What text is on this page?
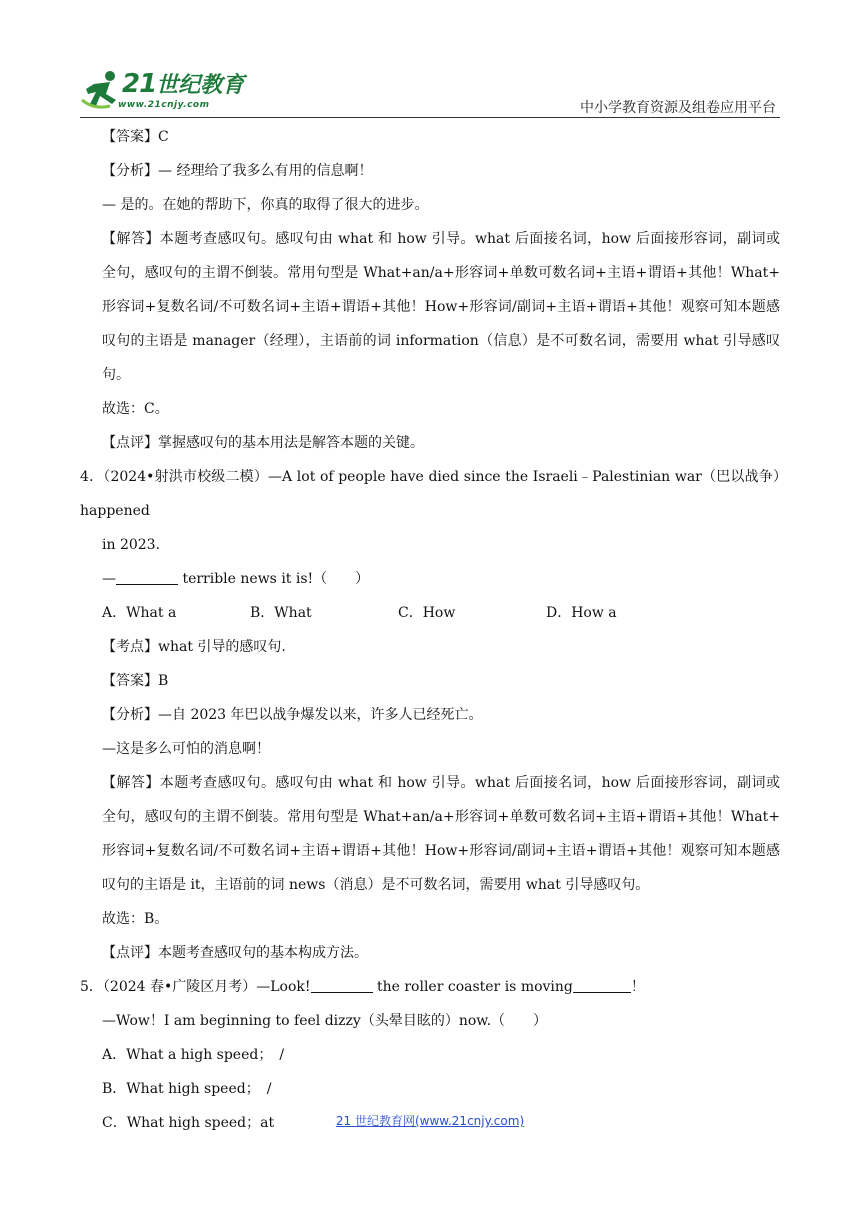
21世纪教育
www.21cnjy.com	中小学教育资源及组卷应用平台

【答案】C

【分析】— 经理给了我多么有用的信息啊！

— 是的。在她的帮助下，你真的取得了很大的进步。

【解答】本题考查感叹句。感叹句由 what 和 how 引导。what 后面接名词，how 后面接形容词，副词或

全句，感叹句的主谓不倒装。常用句型是 What+an/a+形容词+单数可数名词+主语+谓语+其他！What+

形容词+复数名词/不可数名词+主语+谓语+其他！How+形容词/副词+主语+谓语+其他！观察可知本题感

叹句的主语是 manager（经理），主语前的词 information（信息）是不可数名词，需要用 what 引导感叹

句。

故选：C。

【点评】掌握感叹句的基本用法是解答本题的关键。

4．（2024•射洪市校级二模）—A lot of people have died since the Israeli﹣Palestinian war（巴以战争）happened

in 2023.

—	terrible news it is!（　　）

A．What a	B．What	C．How	D．How a

【考点】what 引导的感叹句.

【答案】B

【分析】—自 2023 年巴以战争爆发以来，许多人已经死亡。

—这是多么可怕的消息啊！

【解答】本题考查感叹句。感叹句由 what 和 how 引导。what 后面接名词，how 后面接形容词，副词或

全句，感叹句的主谓不倒装。常用句型是 What+an/a+形容词+单数可数名词+主语+谓语+其他！What+

形容词+复数名词/不可数名词+主语+谓语+其他！How+形容词/副词+主语+谓语+其他！观察可知本题感

叹句的主语是 it，主语前的词 news（消息）是不可数名词，需要用 what 引导感叹句。

故选：B。

【点评】本题考查感叹句的基本构成方法。

5．（2024 春•广陵区月考）—Look!	the roller coaster is moving	！

—Wow！I am beginning to feel dizzy（头晕目眩的）now.（　　）

A．What a high speed；　/

B．What high speed；　/

C．What high speed；at	21 世纪教育网(www.21cnjy.com)
